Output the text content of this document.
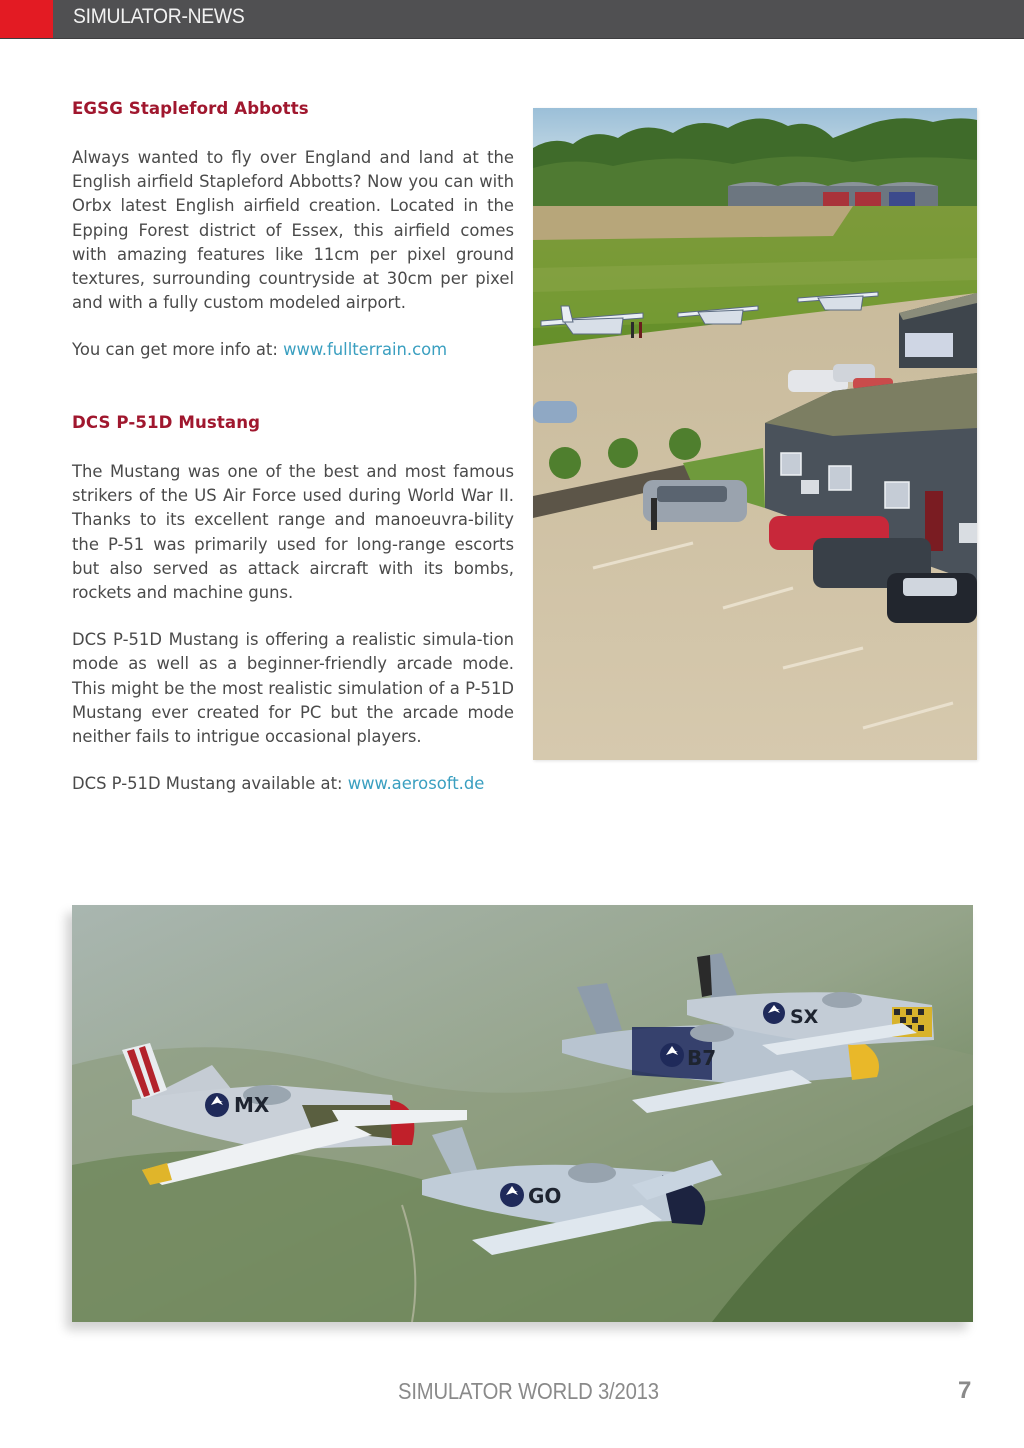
SIMULATOR-NEWS
EGSG Stapleford Abbotts

Always wanted to fly over England and land at the English airfield Stapleford Abbotts? Now you can with Orbx latest English airfield creation. Located in the Epping Forest district of Essex, this airfield comes with amazing features like 11cm per pixel ground textures, surrounding countryside at 30cm per pixel and with a fully custom modeled airport.

You can get more info at: www.fullterrain.com

DCS P-51D Mustang

The Mustang was one of the best and most famous strikers of the US Air Force used during World War II. Thanks to its excellent range and manoeuvra-bility the P-51 was primarily used for long-range escorts but also served as attack aircraft with its bombs, rockets and machine guns.

DCS P-51D Mustang is offering a realistic simula-tion mode as well as a beginner-friendly arcade mode. This might be the most realistic simulation of a P-51D Mustang ever created for PC but the arcade mode neither fails to intrigue occasional players.

DCS P-51D Mustang available at: www.aerosoft.de

MX
GO
B7
SX
SIMULATOR WORLD 3/2013	7
